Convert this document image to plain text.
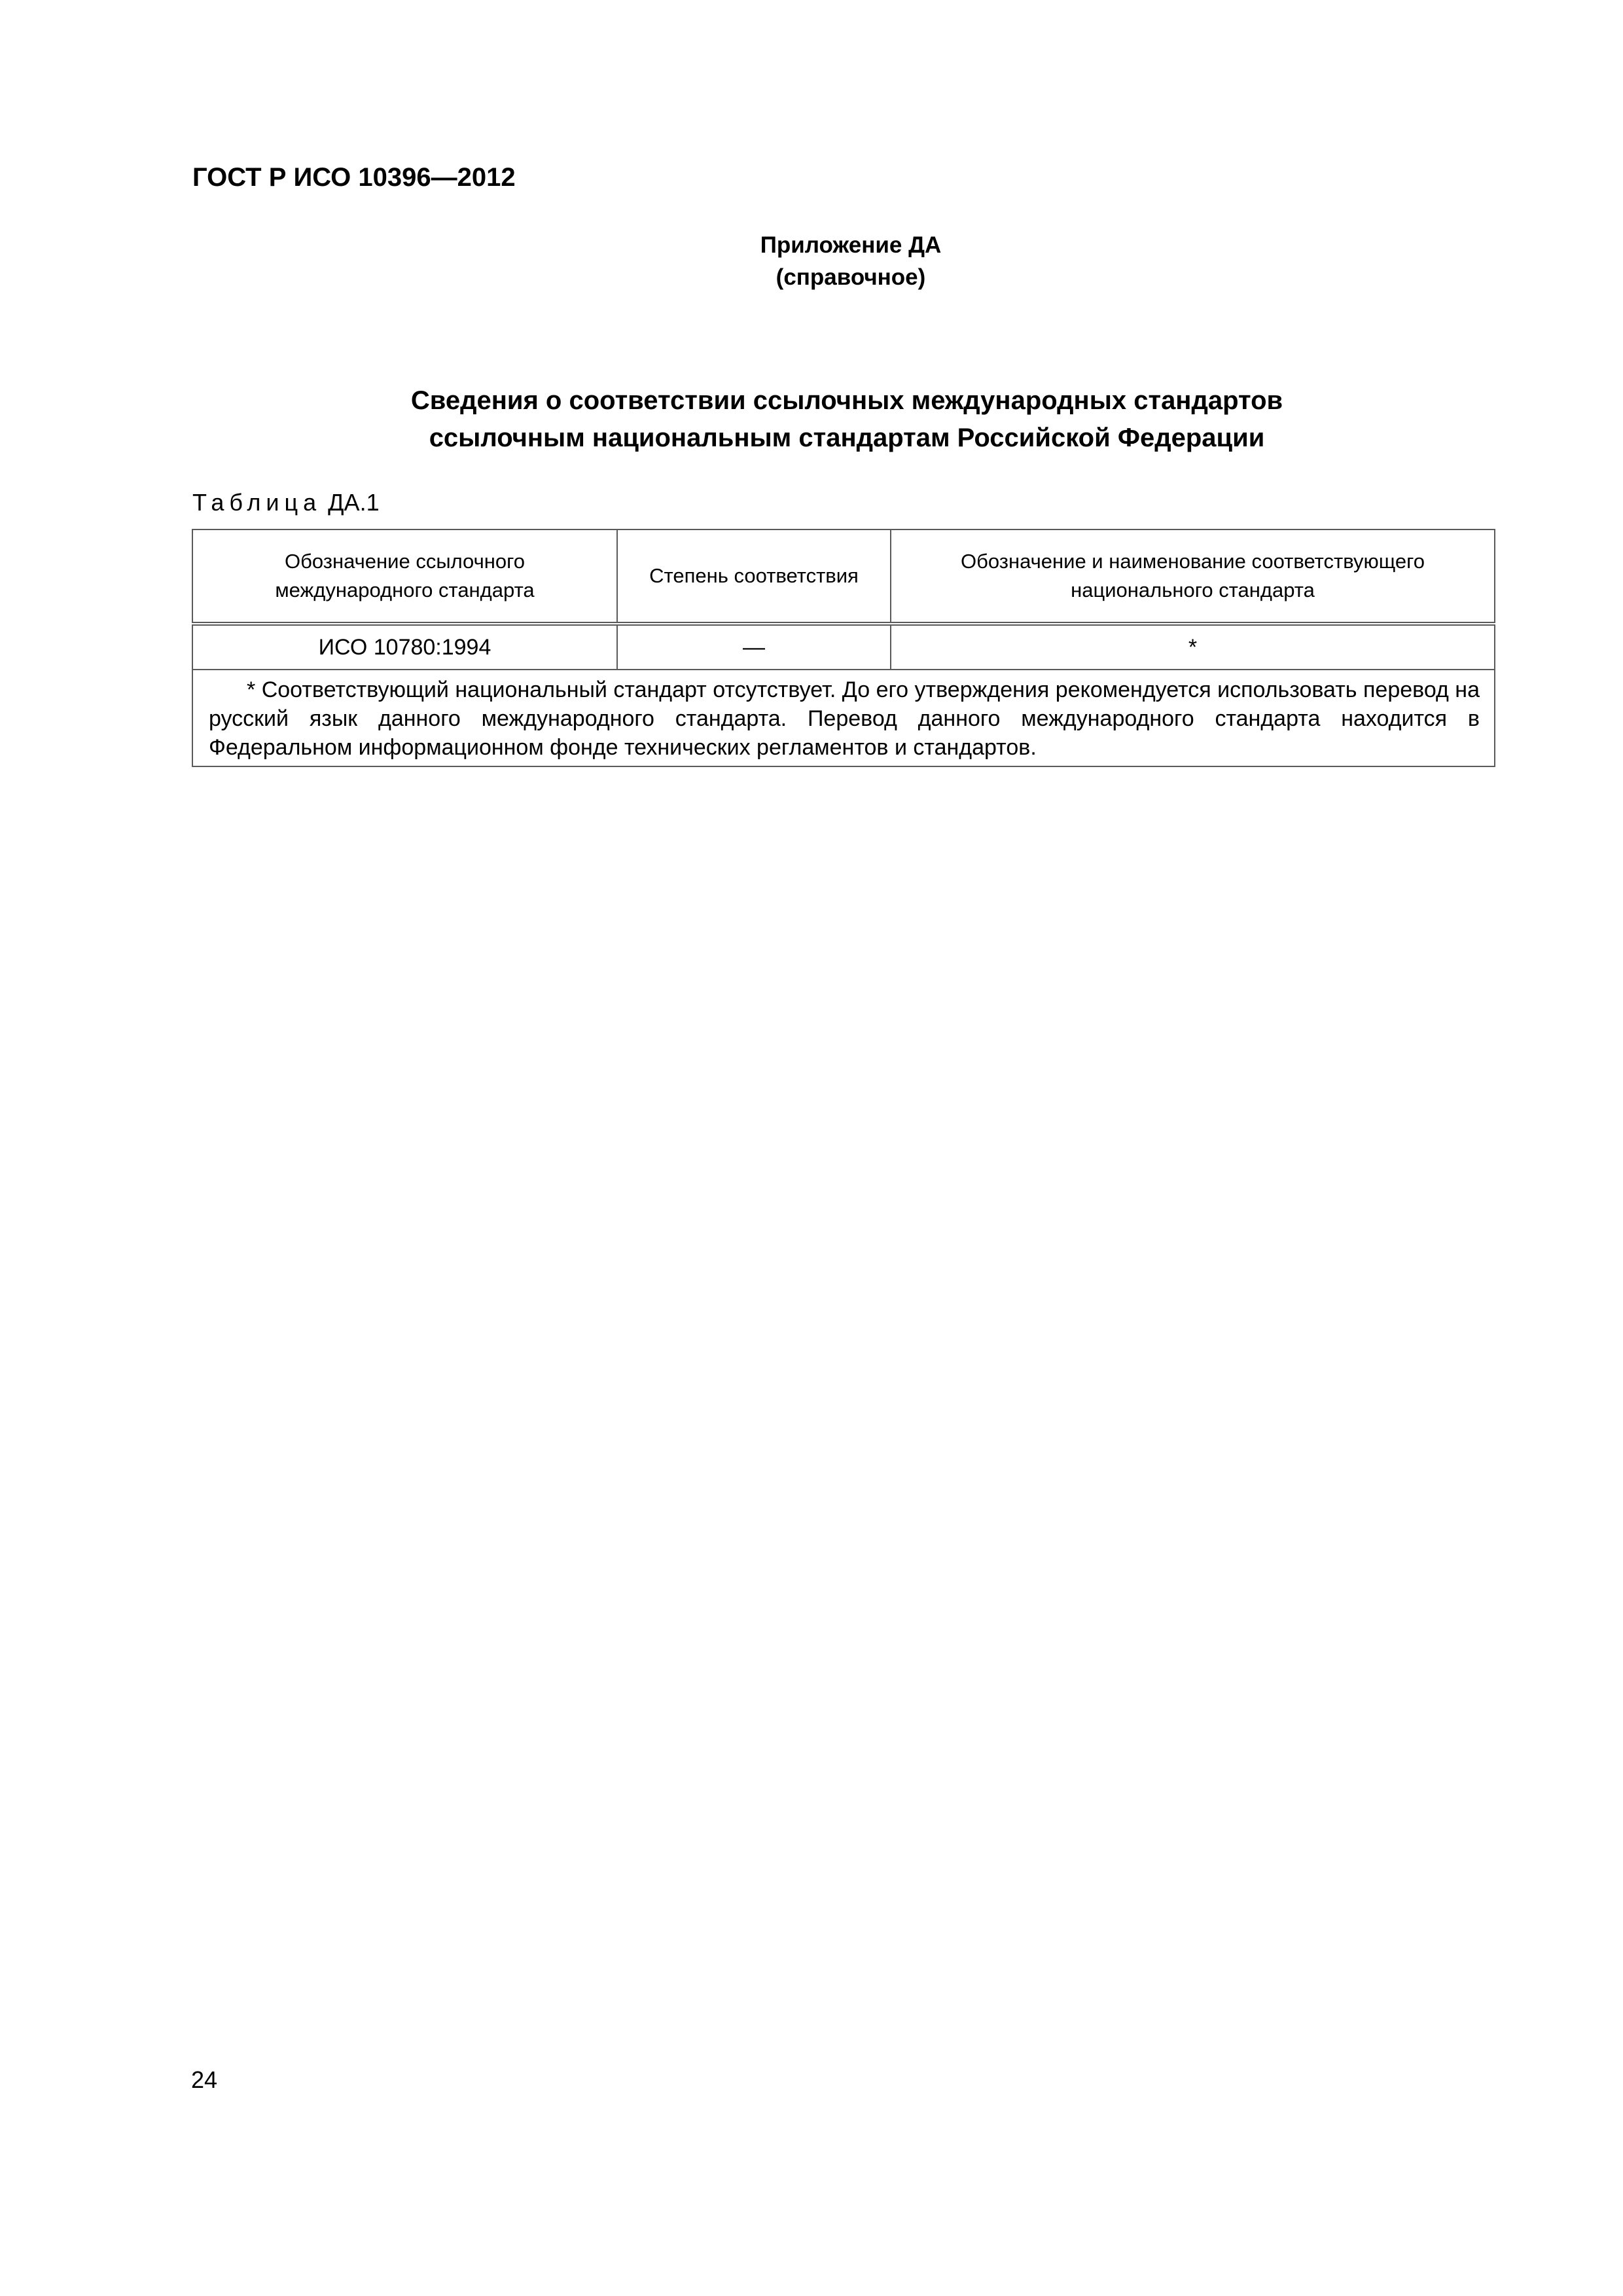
ГОСТ Р ИСО 10396—2012
Приложение ДА
(справочное)
Сведения о соответствии ссылочных международных стандартов
ссылочным национальным стандартам Российской Федерации
Таблица ДА.1
Обозначение ссылочного международного стандарта	Степень соответствия	Обозначение и наименование соответствующего национального стандарта
ИСО 10780:1994	—	*

* Соответствующий национальный стандарт отсутствует. До его утверждения рекомендуется использовать перевод на русский язык данного международного стандарта. Перевод данного международного стандарта находится в Федеральном информационном фонде технических регламентов и стандартов.		
24
